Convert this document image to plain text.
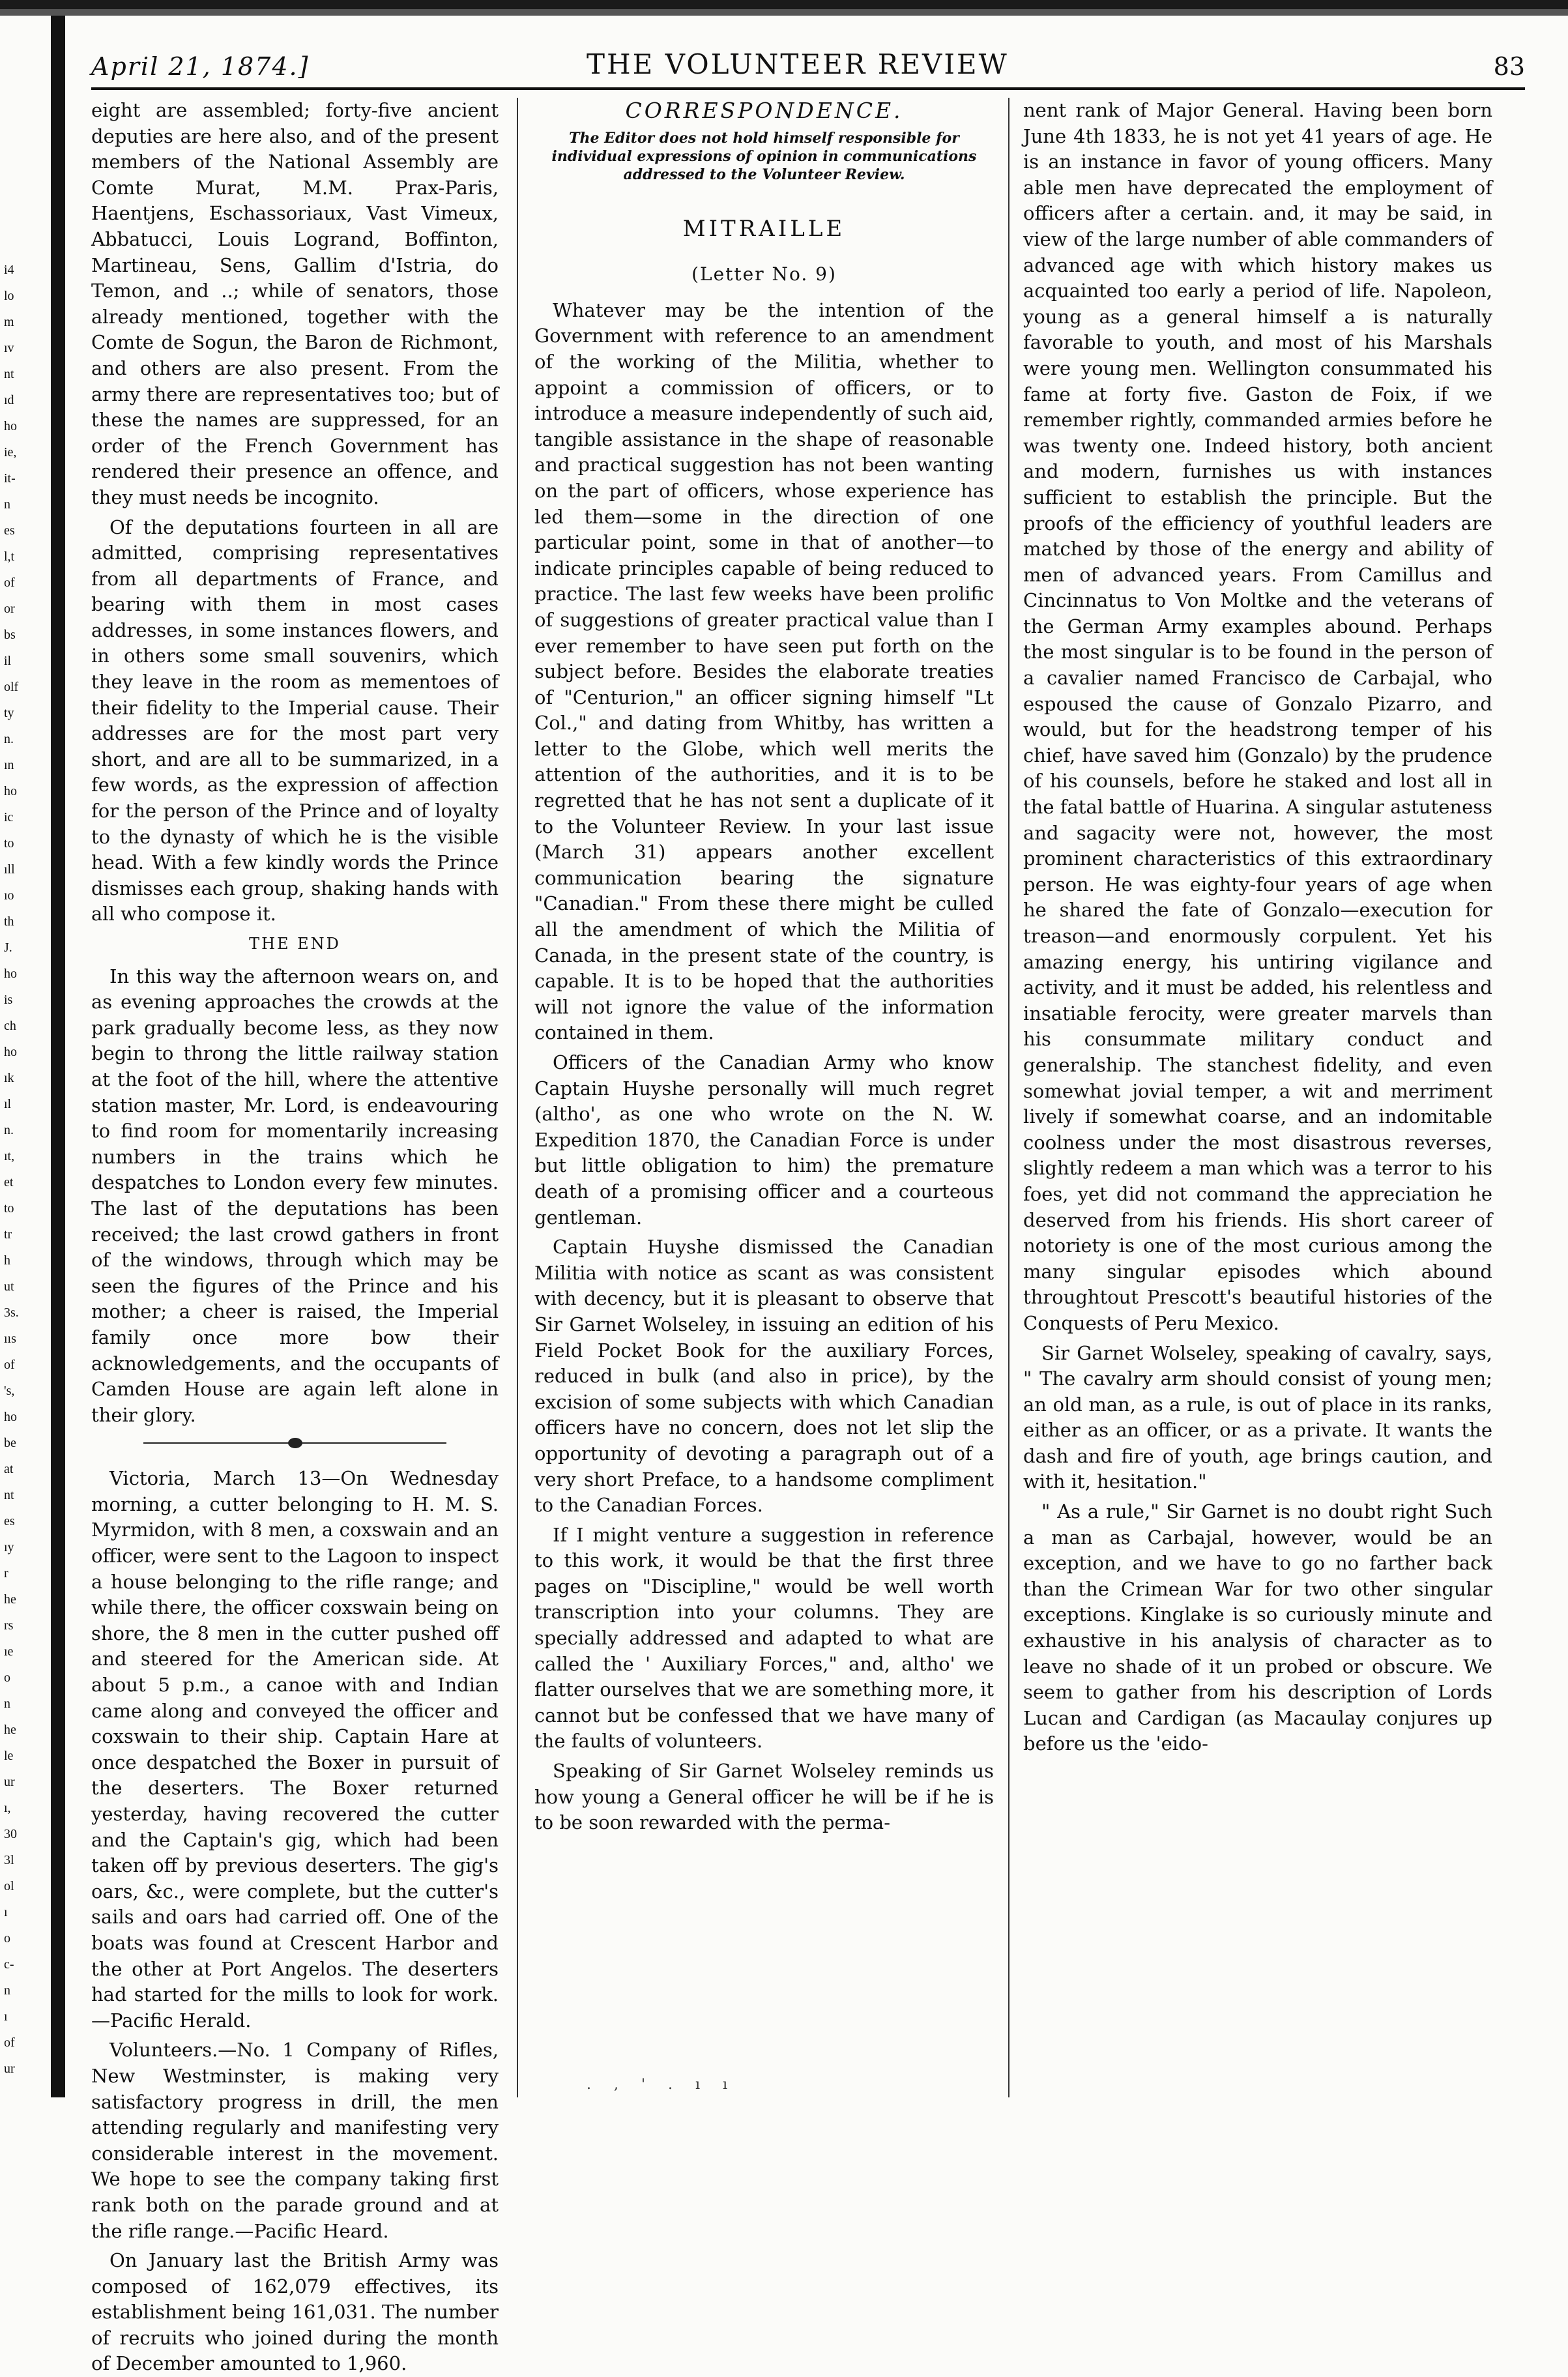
i4
lo
m
ıv
nt
ıd
ho
ie,
it-
n
es
l,t
of
or
bs
il
olf
ty
n.
ın
ho
ic
to
ıll
ıo
th
J.
ho
is
ch
ho
ık
ıl
n.
ıt,
et
to
tr
h
ut
3s.
ııs
of
's,
ho
be
at
nt
es
ıy
r
he
rs
ıe
o
n
he
le
ur
ı,
30
3l
ol
ı
o
c-
n
ı
of
ur
April 21, 1874.]	THE VOLUNTEER REVIEW	83

eight are assembled; forty-five ancient deputies are here also, and of the present members of the National Assembly are Comte Murat, M.M. Prax-Paris, Haentjens, Eschassoriaux, Vast Vimeux, Abbatucci, Louis Logrand, Boffinton, Martineau, Sens, Gallim d'Istria, do Temon, and ..; while of senators, those already mentioned, together with the Comte de Sogun, the Baron de Richmont, and others are also present. From the army there are representatives too; but of these the names are suppressed, for an order of the French Government has rendered their presence an offence, and they must needs be incognito.

Of the deputations fourteen in all are admitted, comprising representatives from all departments of France, and bearing with them in most cases addresses, in some instances flowers, and in others some small souvenirs, which they leave in the room as mementoes of their fidelity to the Imperial cause. Their addresses are for the most part very short, and are all to be summarized, in a few words, as the expression of affection for the person of the Prince and of loyalty to the dynasty of which he is the visible head. With a few kindly words the Prince dismisses each group, shaking hands with all who compose it.

THE END

In this way the afternoon wears on, and as evening approaches the crowds at the park gradually become less, as they now begin to throng the little railway station at the foot of the hill, where the attentive station master, Mr. Lord, is endeavouring to find room for momentarily increasing numbers in the trains which he despatches to London every few minutes. The last of the deputations has been received; the last crowd gathers in front of the windows, through which may be seen the figures of the Prince and his mother; a cheer is raised, the Imperial family once more bow their acknowledgements, and the occupants of Camden House are again left alone in their glory.

Victoria, March 13—On Wednesday morning, a cutter belonging to H. M. S. Myrmidon, with 8 men, a coxswain and an officer, were sent to the Lagoon to inspect a house belonging to the rifle range; and while there, the officer coxswain being on shore, the 8 men in the cutter pushed off and steered for the American side. At about 5 p.m., a canoe with and Indian came along and conveyed the officer and coxswain to their ship. Captain Hare at once despatched the Boxer in pursuit of the deserters. The Boxer returned yesterday, having recovered the cutter and the Captain's gig, which had been taken off by previous deserters. The gig's oars, &c., were complete, but the cutter's sails and oars had carried off. One of the boats was found at Crescent Harbor and the other at Port Angelos. The deserters had started for the mills to look for work.—Pacific Herald.

Volunteers.—No. 1 Company of Rifles, New Westminster, is making very satisfactory progress in drill, the men attending regularly and manifesting very considerable interest in the movement. We hope to see the company taking first rank both on the parade ground and at the rifle range.—Pacific Heard.

On January last the British Army was composed of 162,079 effectives, its establishment being 161,031. The number of recruits who joined during the month of December amounted to 1,960.

CORRESPONDENCE.
The Editor does not hold himself responsible for individual expressions of opinion in communications addressed to the Volunteer Review.
MITRAILLE
(Letter No. 9)

Whatever may be the intention of the Government with reference to an amendment of the working of the Militia, whether to appoint a commission of officers, or to introduce a measure independently of such aid, tangible assistance in the shape of reasonable and practical suggestion has not been wanting on the part of officers, whose experience has led them—some in the direction of one particular point, some in that of another—to indicate principles capable of being reduced to practice. The last few weeks have been prolific of suggestions of greater practical value than I ever remember to have seen put forth on the subject before. Besides the elaborate treaties of "Centurion," an officer signing himself "Lt Col.," and dating from Whitby, has written a letter to the Globe, which well merits the attention of the authorities, and it is to be regretted that he has not sent a duplicate of it to the Volunteer Review. In your last issue (March 31) appears another excellent communication bearing the signature "Canadian." From these there might be culled all the amendment of which the Militia of Canada, in the present state of the country, is capable. It is to be hoped that the authorities will not ignore the value of the information contained in them.

Officers of the Canadian Army who know Captain Huyshe personally will much regret (altho', as one who wrote on the N. W. Expedition 1870, the Canadian Force is under but little obligation to him) the premature death of a promising officer and a courteous gentleman.

Captain Huyshe dismissed the Canadian Militia with notice as scant as was consistent with decency, but it is pleasant to observe that Sir Garnet Wolseley, in issuing an edition of his Field Pocket Book for the auxiliary Forces, reduced in bulk (and also in price), by the excision of some subjects with which Canadian officers have no concern, does not let slip the opportunity of devoting a paragraph out of a very short Preface, to a handsome compliment to the Canadian Forces.

If I might venture a suggestion in reference to this work, it would be that the first three pages on "Discipline," would be well worth transcription into your columns. They are specially addressed and adapted to what are called the ' Auxiliary Forces," and, altho' we flatter ourselves that we are something more, it cannot but be confessed that we have many of the faults of volunteers.

Speaking of Sir Garnet Wolseley reminds us how young a General officer he will be if he is to be soon rewarded with the perma-

nent rank of Major General. Having been born June 4th 1833, he is not yet 41 years of age. He is an instance in favor of young officers. Many able men have deprecated the employment of officers after a certain. and, it may be said, in view of the large number of able commanders of advanced age with which history makes us acquainted too early a period of life. Napoleon, young as a general himself a is naturally favorable to youth, and most of his Marshals were young men. Wellington consummated his fame at forty five. Gaston de Foix, if we remember rightly, commanded armies before he was twenty one. Indeed history, both ancient and modern, furnishes us with instances sufficient to establish the principle. But the proofs of the efficiency of youthful leaders are matched by those of the energy and ability of men of advanced years. From Camillus and Cincinnatus to Von Moltke and the veterans of the German Army examples abound. Perhaps the most singular is to be found in the person of a cavalier named Francisco de Carbajal, who espoused the cause of Gonzalo Pizarro, and would, but for the headstrong temper of his chief, have saved him (Gonzalo) by the prudence of his counsels, before he staked and lost all in the fatal battle of Huarina. A singular astuteness and sagacity were not, however, the most prominent characteristics of this extraordinary person. He was eighty-four years of age when he shared the fate of Gonzalo—execution for treason—and enormously corpulent. Yet his amazing energy, his untiring vigilance and activity, and it must be added, his relentless and insatiable ferocity, were greater marvels than his consummate military conduct and generalship. The stanchest fidelity, and even somewhat jovial temper, a wit and merriment lively if somewhat coarse, and an indomitable coolness under the most disastrous reverses, slightly redeem a man which was a terror to his foes, yet did not command the appreciation he deserved from his friends. His short career of notoriety is one of the most curious among the many singular episodes which abound throughtout Prescott's beautiful histories of the Conquests of Peru Mexico.

Sir Garnet Wolseley, speaking of cavalry, says, " The cavalry arm should consist of young men; an old man, as a rule, is out of place in its ranks, either as an officer, or as a private. It wants the dash and fire of youth, age brings caution, and with it, hesitation."

" As a rule," Sir Garnet is no doubt right Such a man as Carbajal, however, would be an exception, and we have to go no farther back than the Crimean War for two other singular exceptions. Kinglake is so curiously minute and exhaustive in his analysis of character as to leave no shade of it un probed or obscure. We seem to gather from his description of Lords Lucan and Cardigan (as Macaulay conjures up before us the 'eido-

. , ' . ı ı
